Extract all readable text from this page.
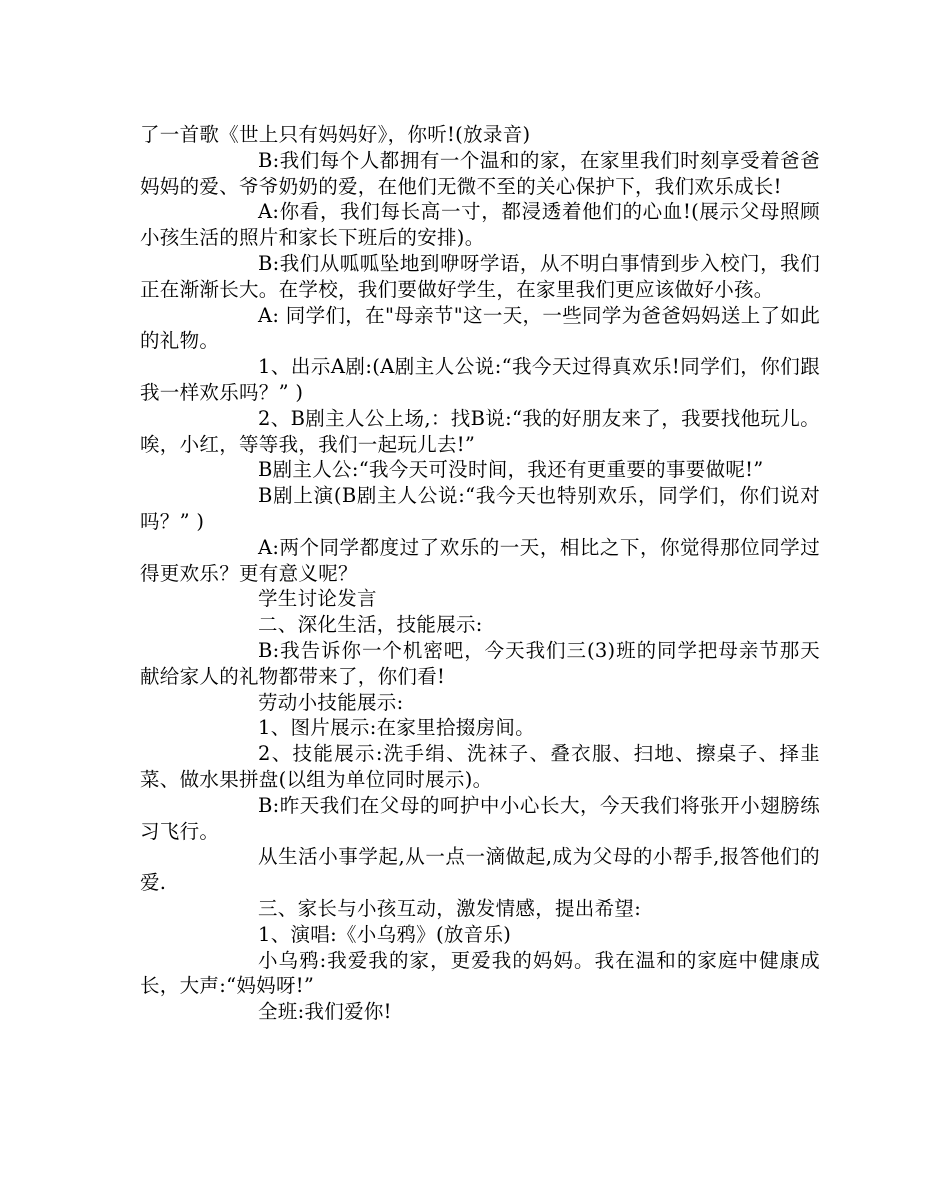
了一首歌《世上只有妈妈好》，你听!(放录音)

B:我们每个人都拥有一个温和的家，在家里我们时刻享受着爸爸妈妈的爱、爷爷奶奶的爱，在他们无微不至的关心保护下，我们欢乐成长!

A:你看，我们每长高一寸，都浸透着他们的心血!(展示父母照顾小孩生活的照片和家长下班后的安排)。

B:我们从呱呱坠地到咿呀学语，从不明白事情到步入校门，我们正在渐渐长大。在学校，我们要做好学生，在家里我们更应该做好小孩。

A: 同学们，在"母亲节"这一天，一些同学为爸爸妈妈送上了如此的礼物。

1、出示A剧:(A剧主人公说:“我今天过得真欢乐!同学们，你们跟我一样欢乐吗？” )

2、B剧主人公上场,：找B说:“我的好朋友来了，我要找他玩儿。唉，小红，等等我，我们一起玩儿去!”

B剧主人公:“我今天可没时间，我还有更重要的事要做呢!”

B剧上演(B剧主人公说:“我今天也特别欢乐，同学们，你们说对吗？” )

A:两个同学都度过了欢乐的一天，相比之下，你觉得那位同学过得更欢乐？更有意义呢？

学生讨论发言

二、深化生活，技能展示:

B:我告诉你一个机密吧，今天我们三(3)班的同学把母亲节那天献给家人的礼物都带来了，你们看!

劳动小技能展示:

1、图片展示:在家里拾掇房间。

2、技能展示:洗手绢、洗袜子、叠衣服、扫地、擦桌子、择韭菜、做水果拼盘(以组为单位同时展示)。

B:昨天我们在父母的呵护中小心长大，今天我们将张开小翅膀练习飞行。

从生活小事学起,从一点一滴做起,成为父母的小帮手,报答他们的爱.

三、家长与小孩互动，激发情感，提出希望:

1、演唱:《小乌鸦》(放音乐)

小乌鸦:我爱我的家，更爱我的妈妈。我在温和的家庭中健康成长，大声:“妈妈呀!”

全班:我们爱你!
